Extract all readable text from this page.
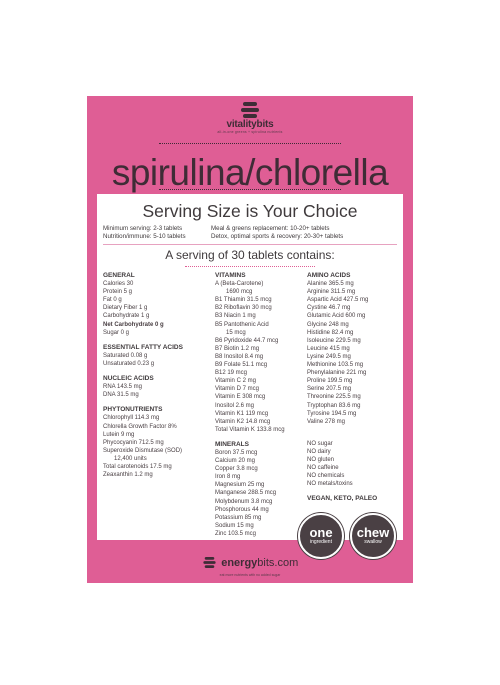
vitalitybits
all-in-one greens + spirulina nutrients
spirulina/chlorella
Serving Size is Your Choice
Minimum serving: 2-3 tablets	Meal & greens replacement: 10-20+ tablets
Nutrition/immune: 5-10 tablets	Detox, optimal sports & recovery: 20-30+ tablets
A serving of 30 tablets contains:
GENERAL
Calories 30
Protein 5 g
Fat 0 g
Dietary Fiber 1 g
Carbohydrate 1 g
Net Carbohydrate 0 g
Sugar 0 g
ESSENTIAL FATTY ACIDS
Saturated 0.08 g
Unsaturated 0.23 g
NUCLEIC ACIDS
RNA 143.5 mg
DNA 31.5 mg
PHYTONUTRIENTS
Chlorophyll 114.3 mg
Chlorella Growth Factor 8%
Lutein 9 mg
Phycocyanin 712.5 mg
Superoxide Dismutase (SOD)
12,400 units
Total carotenoids 17.5 mg
Zeaxanthin 1.2 mg
VITAMINS
A (Beta-Carotene)
1690 mcg
B1 Thiamin 31.5 mcg
B2 Riboflavin 30 mcg
B3 Niacin 1 mg
B5 Pantothenic Acid
15 mcg
B6 Pyridoxide 44.7 mcg
B7 Biotin 1.2 mg
B8 Inositol 8.4 mg
B9 Folate 51.1 mcg
B12 19 mcg
Vitamin C 2 mg
Vitamin D 7 mcg
Vitamin E 308 mcg
Inositol 2.6 mg
Vitamin K1 119 mcg
Vitamin K2 14.8 mcg
Total Vitamin K 133.8 mcg
MINERALS
Boron 37.5 mcg
Calcium 20 mg
Copper 3.8 mcg
Iron 8 mg
Magnesium 25 mg
Manganese 288.5 mcg
Molybdenum 3.8 mcg
Phosphorous 44 mg
Potassium 85 mg
Sodium 15 mg
Zinc 103.5 mcg
AMINO ACIDS
Alanine 365.5 mg
Arginine 311.5 mg
Aspartic Acid 427.5 mg
Cystine 46.7 mg
Glutamic Acid 600 mg
Glycine 248 mg
Histidine 82.4 mg
Isoleucine 229.5 mg
Leucine 415 mg
Lysine 249.5 mg
Methionine 103.5 mg
Phenylalanine 221 mg
Proline 199.5 mg
Serine 207.5 mg
Threonine 225.5 mg
Tryptophan 83.6 mg
Tyrosine 194.5 mg
Valine 278 mg
NO sugar
NO dairy
NO gluten
NO caffeine
NO chemicals
NO metals/toxins
VEGAN, KETO, PALEO
one
ingredient
chew
swallow
energybits.com
eat more nutrients with no added sugar
